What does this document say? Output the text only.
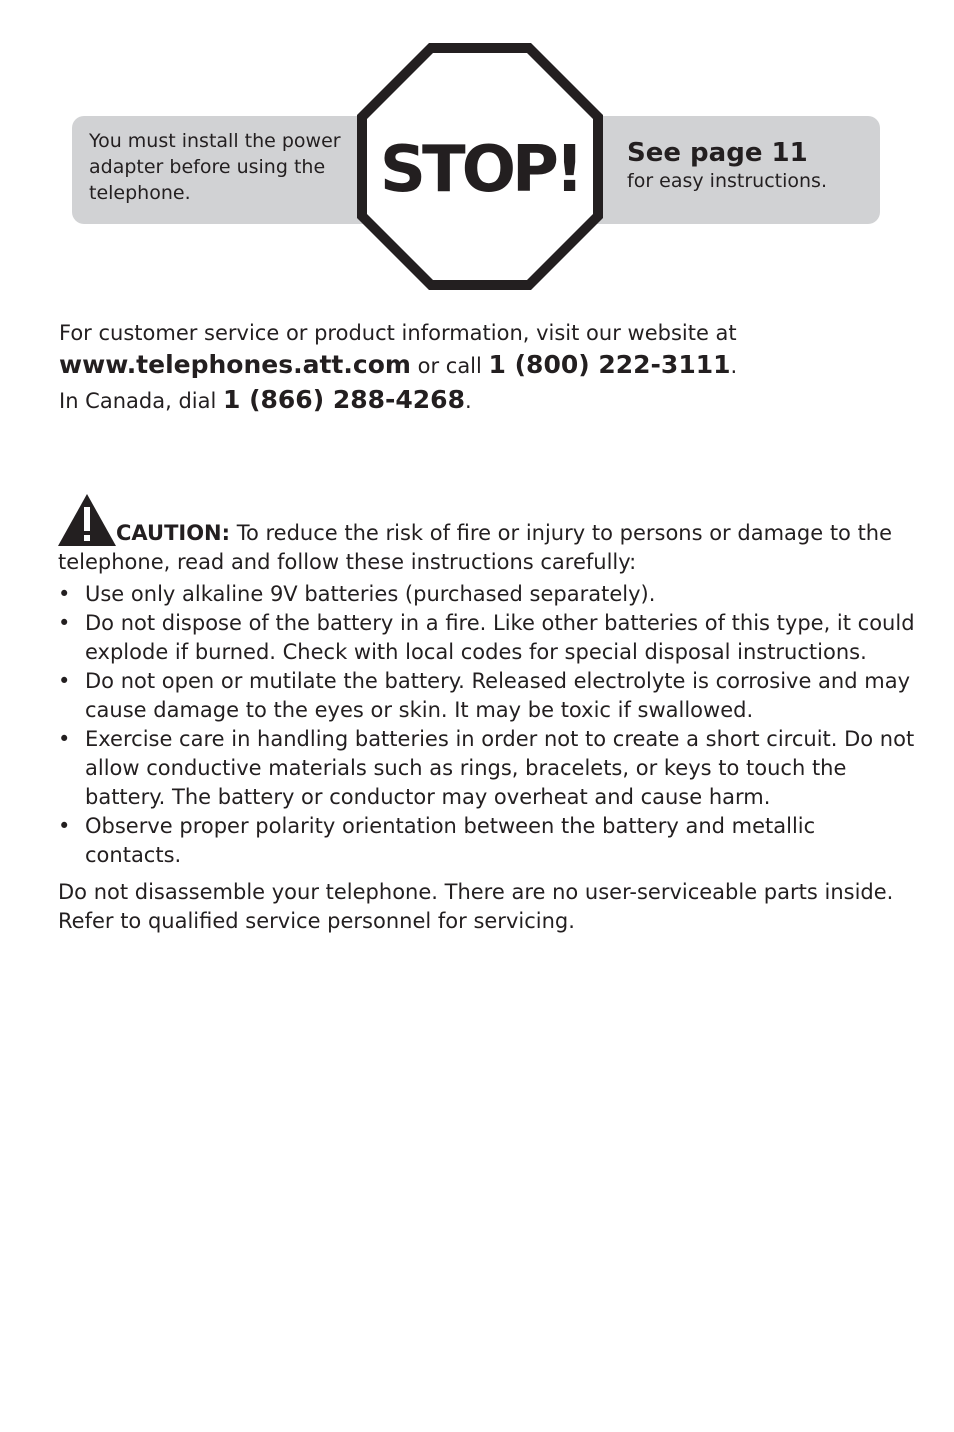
You must install the power adapter before using the telephone.	STOP!	See page 11
for easy instructions.
For customer service or product information, visit our website at
www.telephones.att.com or call 1 (800) 222-3111.
In Canada, dial 1 (866) 288-4268.
CAUTION: To reduce the risk of fire or injury to persons or damage to the telephone, read and follow these instructions carefully:
• Use only alkaline 9V batteries (purchased separately).
• Do not dispose of the battery in a fire. Like other batteries of this type, it could explode if burned. Check with local codes for special disposal instructions.
• Do not open or mutilate the battery. Released electrolyte is corrosive and may cause damage to the eyes or skin. It may be toxic if swallowed.
• Exercise care in handling batteries in order not to create a short circuit. Do not allow conductive materials such as rings, bracelets, or keys to touch the battery. The battery or conductor may overheat and cause harm.
• Observe proper polarity orientation between the battery and metallic contacts.
Do not disassemble your telephone. There are no user-serviceable parts inside. Refer to qualified service personnel for servicing.
